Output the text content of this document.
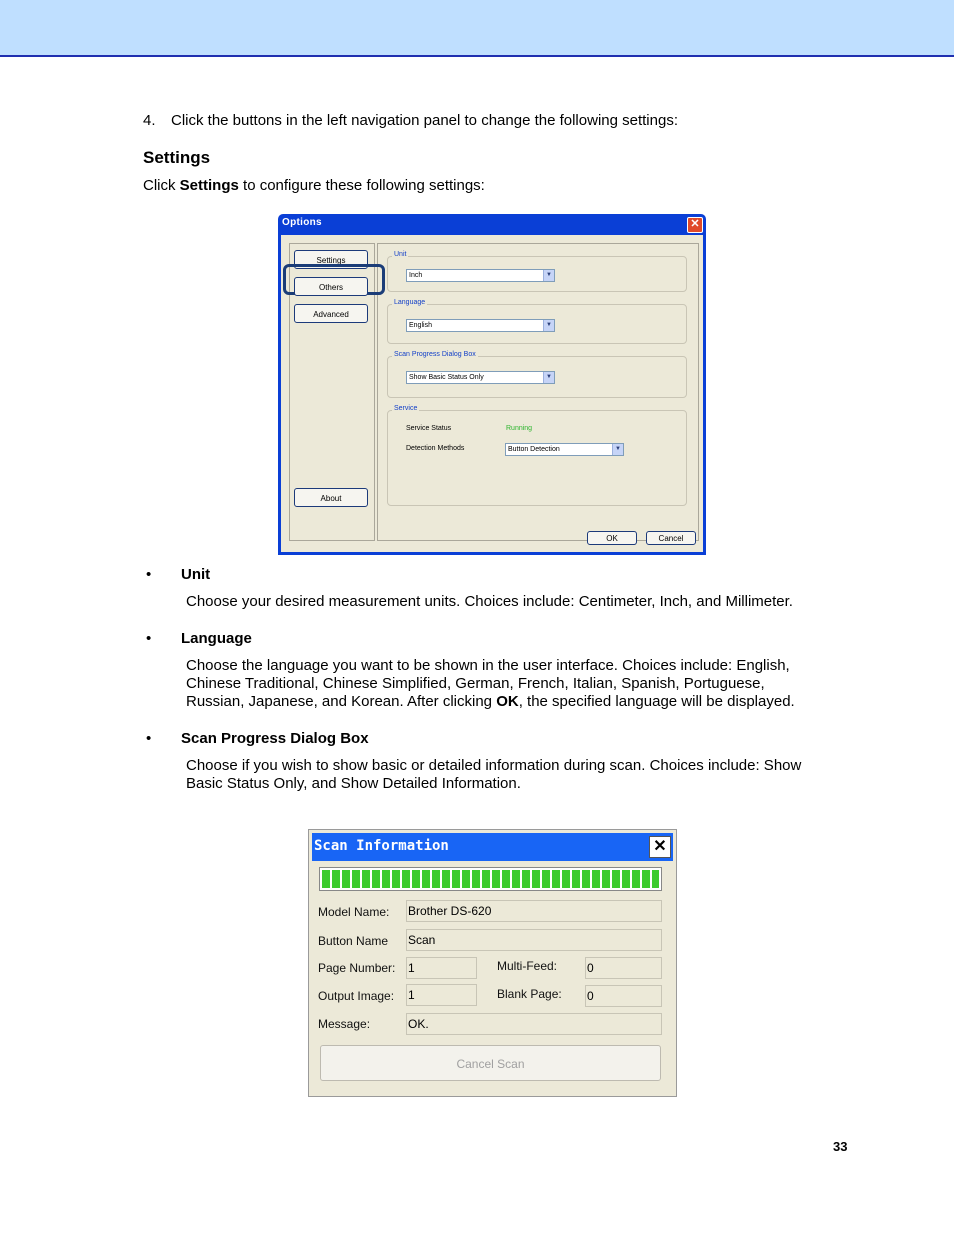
4. Click the buttons in the left navigation panel to change the following settings:
Settings
Click Settings to configure these following settings:
Options	✕
Settings
Others
Advanced
About
Unit
Inch	▼
Language
English	▼
Scan Progress Dialog Box
Show Basic Status Only	▼
Service
Service Status	Running
Detection Methods	Button Detection	▼
OK	Cancel
• Unit
Choose your desired measurement units. Choices include: Centimeter, Inch, and Millimeter.
• Language
Choose the language you want to be shown in the user interface. Choices include: English,
Chinese Traditional, Chinese Simplified, German, French, Italian, Spanish, Portuguese,
Russian, Japanese, and Korean. After clicking OK, the specified language will be displayed.
• Scan Progress Dialog Box
Choose if you wish to show basic or detailed information during scan. Choices include: Show
Basic Status Only, and Show Detailed Information.
Scan Information	✕
Model Name: Brother DS-620
Button Name Scan
Page Number: 1	Multi-Feed: 0
Output Image: 1	Blank Page: 0
Message:	OK.
Cancel Scan
33
